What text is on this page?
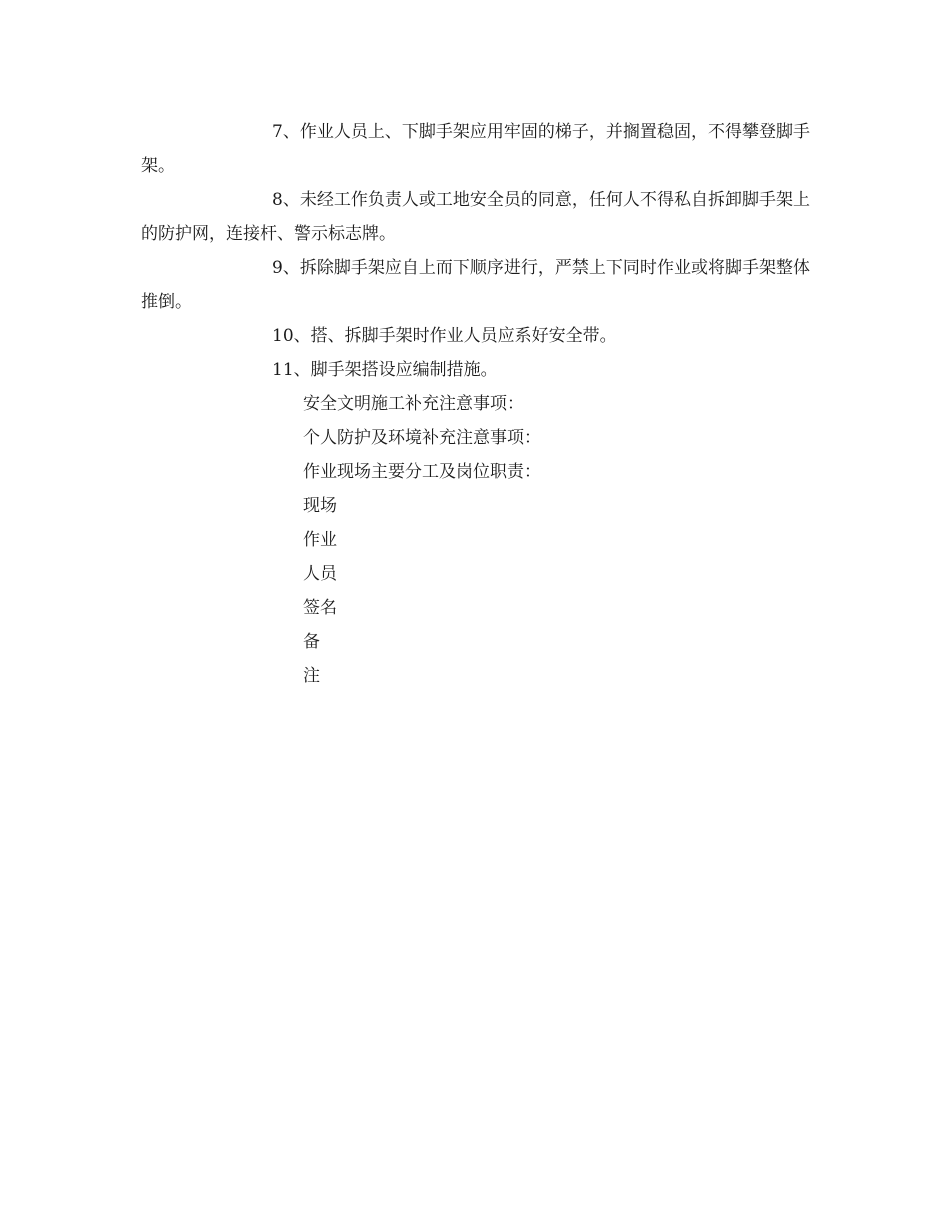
7、作业人员上、下脚手架应用牢固的梯子，并搁置稳固，不得攀登脚手架。

8、未经工作负责人或工地安全员的同意，任何人不得私自拆卸脚手架上的防护网，连接杆、警示标志牌。

9、拆除脚手架应自上而下顺序进行，严禁上下同时作业或将脚手架整体推倒。

10、搭、拆脚手架时作业人员应系好安全带。

11、脚手架搭设应编制措施。

安全文明施工补充注意事项：
个人防护及环境补充注意事项：
作业现场主要分工及岗位职责：
现场
作业
人员
签名
备
注
